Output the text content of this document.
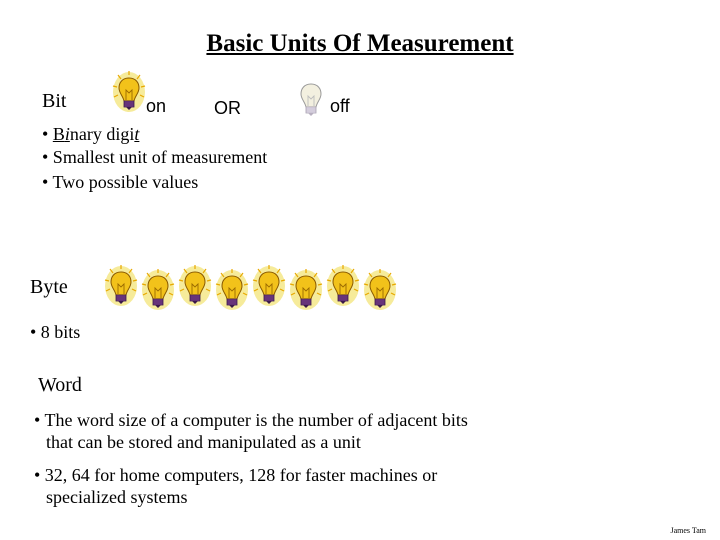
Basic Units Of Measurement
Bit	on	OR	off
• Binary digit
• Smallest unit of measurement
• Two possible values
Byte
• 8 bits
Word
• The word size of a computer is the number of adjacent bits
that can be stored and manipulated as a unit
• 32, 64 for home computers, 128 for faster machines or
specialized systems
James Tam
